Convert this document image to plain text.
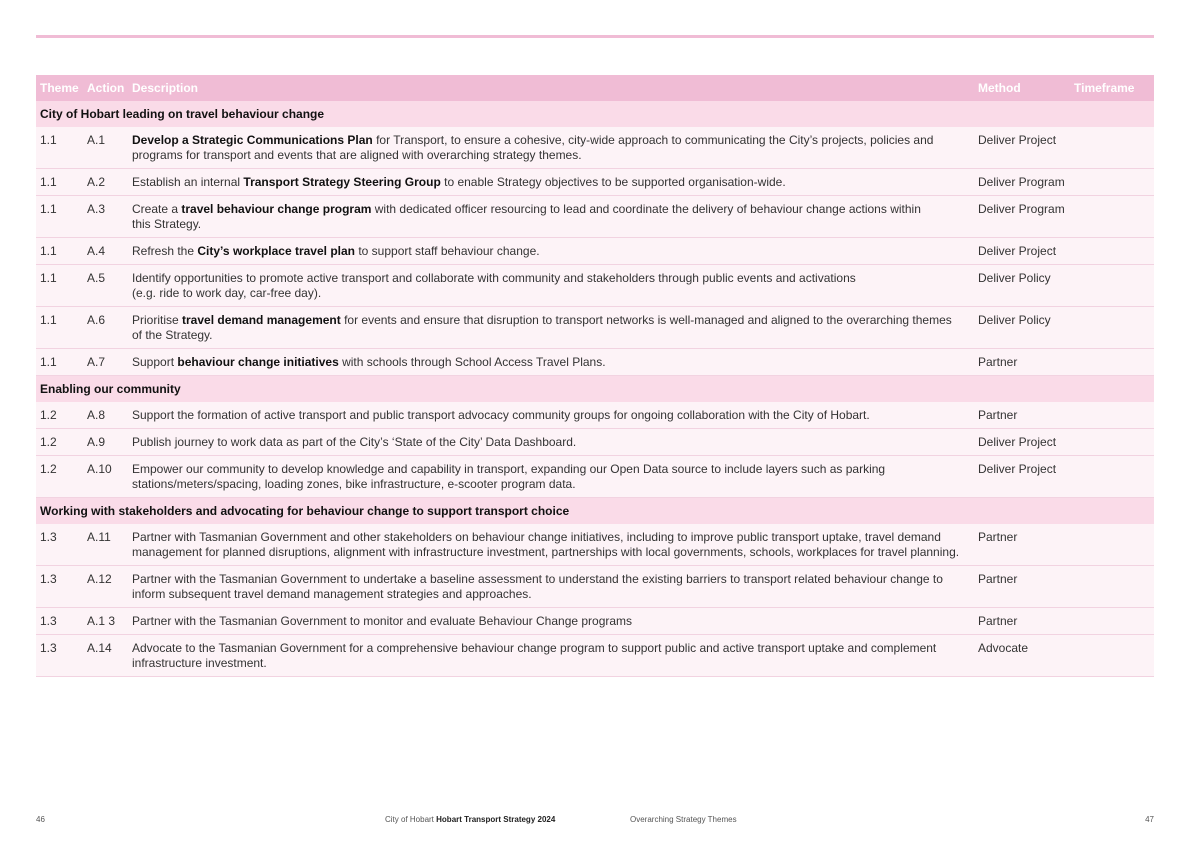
Theme	Action	Description	Method	Timeframe
City of Hobart leading on travel behaviour change				
1.1	A.1	Develop a Strategic Communications Plan for Transport, to ensure a cohesive, city-wide approach to communicating the City’s projects, policies and
programs for transport and events that are aligned with overarching strategy themes.	Deliver Project	
1.1	A.2	Establish an internal Transport Strategy Steering Group to enable Strategy objectives to be supported organisation-wide.	Deliver Program	
1.1	A.3	Create a travel behaviour change program with dedicated officer resourcing to lead and coordinate the delivery of behaviour change actions within
this Strategy.	Deliver Program	
1.1	A.4	Refresh the City’s workplace travel plan to support staff behaviour change.	Deliver Project	
1.1	A.5	Identify opportunities to promote active transport and collaborate with community and stakeholders through public events and activations
(e.g. ride to work day, car-free day).	Deliver Policy	
1.1	A.6	Prioritise travel demand management for events and ensure that disruption to transport networks is well-managed and aligned to the overarching themes
of the Strategy.	Deliver Policy	
1.1	A.7	Support behaviour change initiatives with schools through School Access Travel Plans.	Partner	
Enabling our community				
1.2	A.8	Support the formation of active transport and public transport advocacy community groups for ongoing collaboration with the City of Hobart.	Partner	
1.2	A.9	Publish journey to work data as part of the City’s ‘State of the City’ Data Dashboard.	Deliver Project	
1.2	A.10	Empower our community to develop knowledge and capability in transport, expanding our Open Data source to include layers such as parking
stations/meters/spacing, loading zones, bike infrastructure, e-scooter program data.	Deliver Project	
Working with stakeholders and advocating for behaviour change to support transport choice				
1.3	A.11	Partner with Tasmanian Government and other stakeholders on behaviour change initiatives, including to improve public transport uptake, travel demand
management for planned disruptions, alignment with infrastructure investment, partnerships with local governments, schools, workplaces for travel planning.	Partner	
1.3	A.12	Partner with the Tasmanian Government to undertake a baseline assessment to understand the existing barriers to transport related behaviour change to
inform subsequent travel demand management strategies and approaches.	Partner	
1.3	A.1 3	Partner with the Tasmanian Government to monitor and evaluate Behaviour Change programs	Partner	
1.3	A.14	Advocate to the Tasmanian Government for a comprehensive behaviour change program to support public and active transport uptake and complement
infrastructure investment.	Advocate	
46	City of Hobart Hobart Transport Strategy 2024	Overarching Strategy Themes	47
